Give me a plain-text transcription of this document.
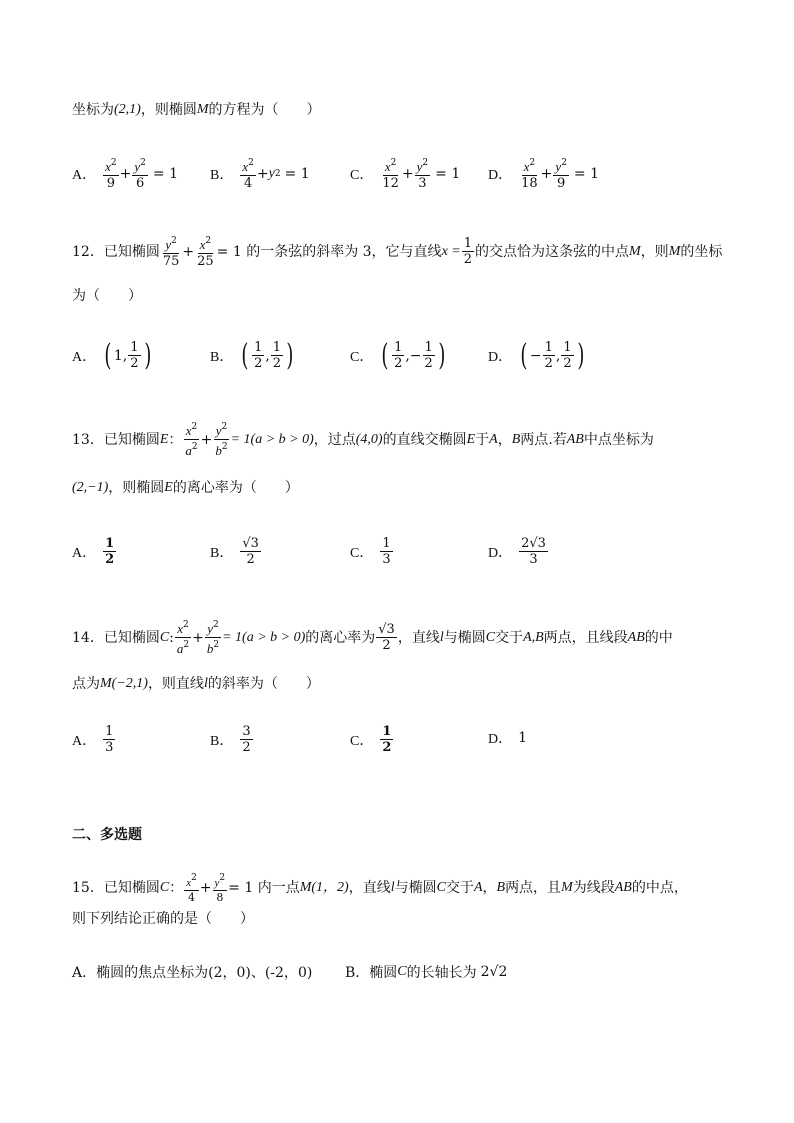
坐标为 (2,1) ，则椭圆 M 的方程为（　　）
A． $\frac{x^2}{9} + \frac{y^2}{6} = 1$ B． $\frac{x^2}{4} + y$ 2 = 1	C． $\frac{x^2}{12} + \frac{y^2}{3} = 1$ D． $\frac{x^2}{18} + \frac{y^2}{9} = 1$
12．已知椭圆 $\frac{y^2}{75} + \frac{x^2}{25} = 1$ 的一条弦的斜率为 3，它与直线 $x = \frac{1}{2}$ 的交点恰为这条弦的中点 M ，则 M 的坐标
为（　　）
A． ( 1 , $\frac{1}{2}$ )	B． ( $\frac{1}{2}$ , $\frac{1}{2}$ )	C． ( $\frac{1}{2}$ , − $\frac{1}{2}$ )	D． ( − $\frac{1}{2}$ , $\frac{1}{2}$ )
13．已知椭圆 E ： $\frac{x^2}{a^2} + \frac{y^2}{b^2} = 1(a > b > 0)$ ，过点 (4,0) 的直线交椭圆 E 于 A ， B 两点.若 AB 中点坐标为
(2,−1) ，则椭圆 E 的离心率为（　　）
A． $\frac{1}{2}$	B． $\frac{√3}{2}$	C． $\frac{1}{3}$	D． $\frac{2√3}{3}$
14．已知椭圆 C : $\frac{x^2}{a^2} + \frac{y^2}{b^2} = 1(a > b > 0)$ 的离心率为 $\frac{√3}{2}$ ，直线 l 与椭圆 C 交于 A,B 两点，且线段 AB 的中
点为 M(−2,1) ，则直线 l 的斜率为（　　）
A． $\frac{1}{3}$	B． $\frac{3}{2}$	C． $\frac{1}{2}$	D． 1
二、多选题
15．已知椭圆 C ： $\frac{x^2}{4} + \frac{y^2}{8} = 1$ 内一点 M(1，2) ，直线 l 与椭圆 C 交于 A ， B 两点，且 M 为线段 AB 的中点，
则下列结论正确的是（　　）
A．椭圆的焦点坐标为(2，0)、(-2，0) B．椭圆 C 的长轴长为 2√2
